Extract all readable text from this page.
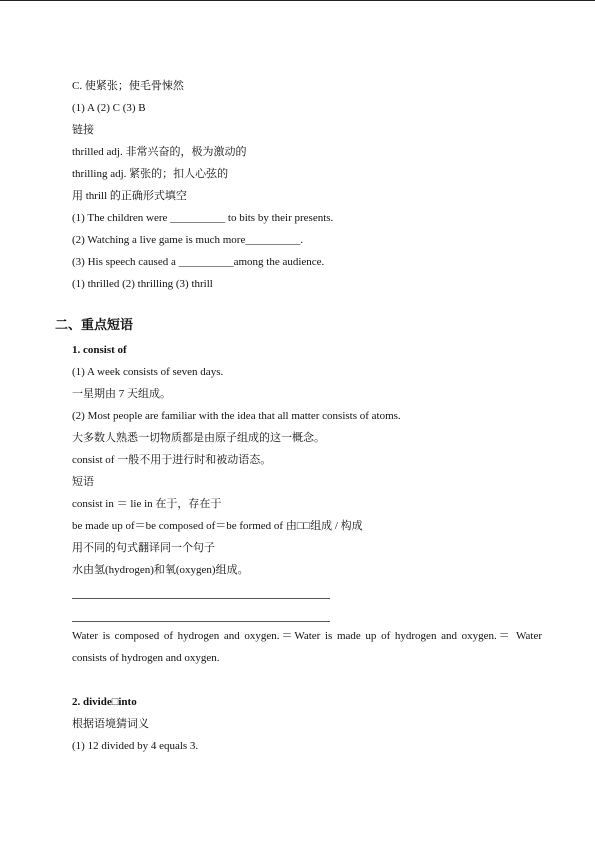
C. 使紧张；使毛骨悚然
(1) A (2) C (3) B
链接
thrilled adj. 非常兴奋的，极为激动的
thrilling adj. 紧张的；扣人心弦的
用 thrill 的正确形式填空
(1) The children were __________ to bits by their presents.
(2) Watching a live game is much more__________.
(3) His speech caused a __________among the audience.
(1) thrilled (2) thrilling (3) thrill
二、重点短语
1. consist of
(1) A week consists of seven days.
一星期由 7 天组成。
(2) Most people are familiar with the idea that all matter consists of atoms.
大多数人熟悉一切物质都是由原子组成的这一概念。
consist of 一般不用于进行时和被动语态。
短语
consist in ＝ lie in 在于，存在于
be made up of＝be composed of＝be formed of 由□□组成 / 构成
用不同的句式翻译同一个句子
水由氢(hydrogen)和氧(oxygen)组成。
Water is composed of hydrogen and oxygen.＝Water is made up of hydrogen and oxygen.＝ Water consists of hydrogen and oxygen.
2. divide□into
根据语境猜词义
(1) 12 divided by 4 equals 3.
